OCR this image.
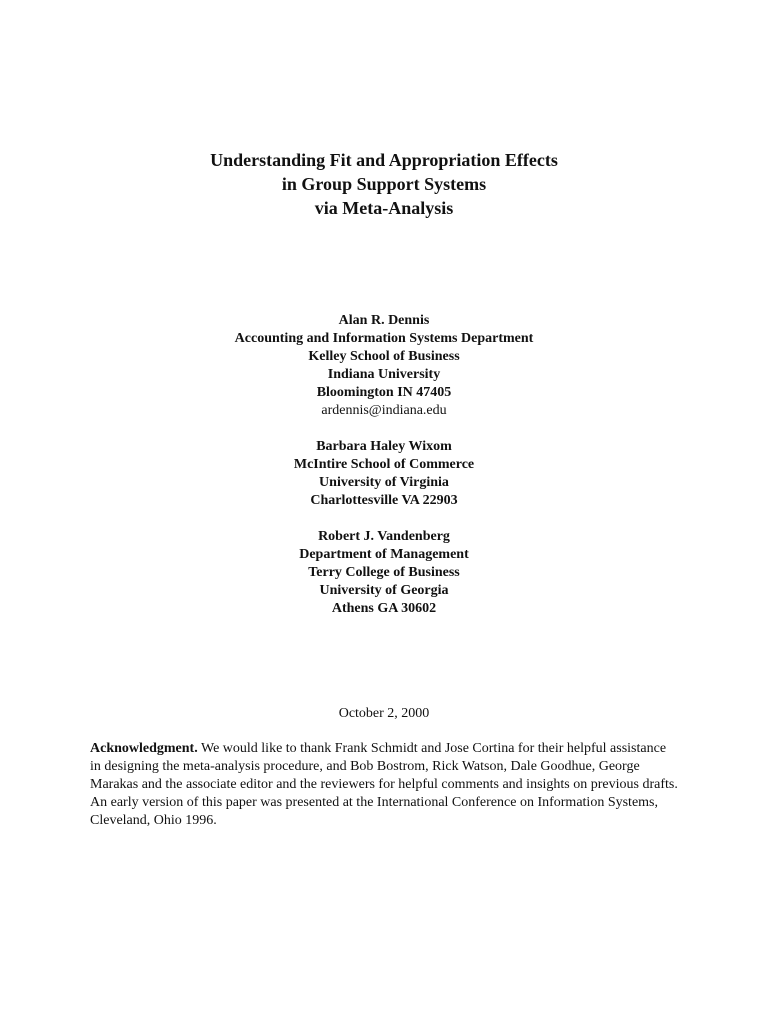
Understanding Fit and Appropriation Effects
in Group Support Systems
via Meta-Analysis
Alan R. Dennis
Accounting and Information Systems Department
Kelley School of Business
Indiana University
Bloomington IN 47405
ardennis@indiana.edu
Barbara Haley Wixom
McIntire School of Commerce
University of Virginia
Charlottesville VA 22903
Robert J. Vandenberg
Department of Management
Terry College of Business
University of Georgia
Athens GA 30602
October 2, 2000
Acknowledgment. We would like to thank Frank Schmidt and Jose Cortina for their helpful assistance in designing the meta-analysis procedure, and Bob Bostrom, Rick Watson, Dale Goodhue, George Marakas and the associate editor and the reviewers for helpful comments and insights on previous drafts. An early version of this paper was presented at the International Conference on Information Systems, Cleveland, Ohio 1996.
